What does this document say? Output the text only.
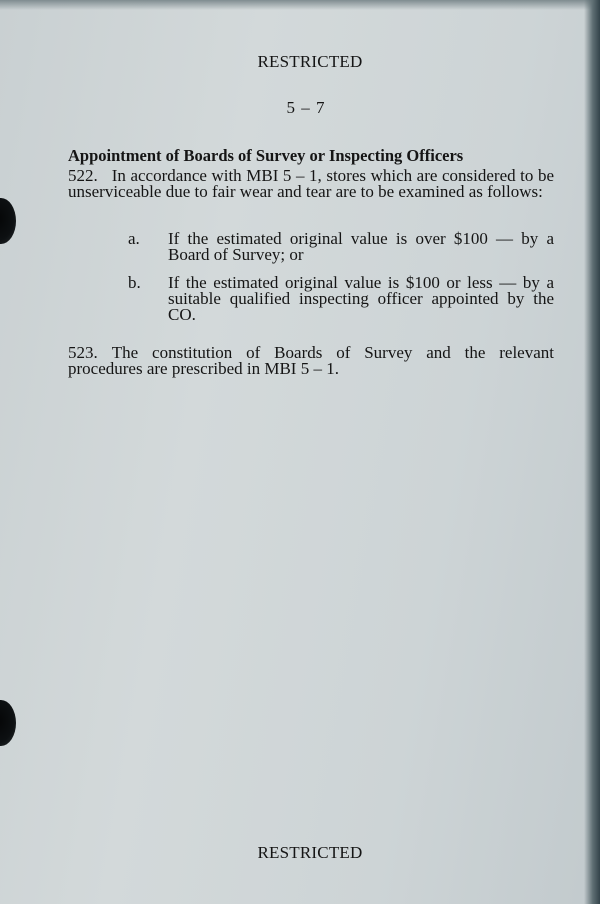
RESTRICTED
5 – 7
Appointment of Boards of Survey or Inspecting Officers
522. In accordance with MBI 5 – 1, stores which are considered to be unserviceable due to fair wear and tear are to be examined as follows:
a.	If the estimated original value is over $100 — by a Board of Survey; or
b.	If the estimated original value is $100 or less — by a suitable qualified inspecting officer appointed by the CO.
523. The constitution of Boards of Survey and the relevant procedures are prescribed in MBI 5 – 1.
RESTRICTED
